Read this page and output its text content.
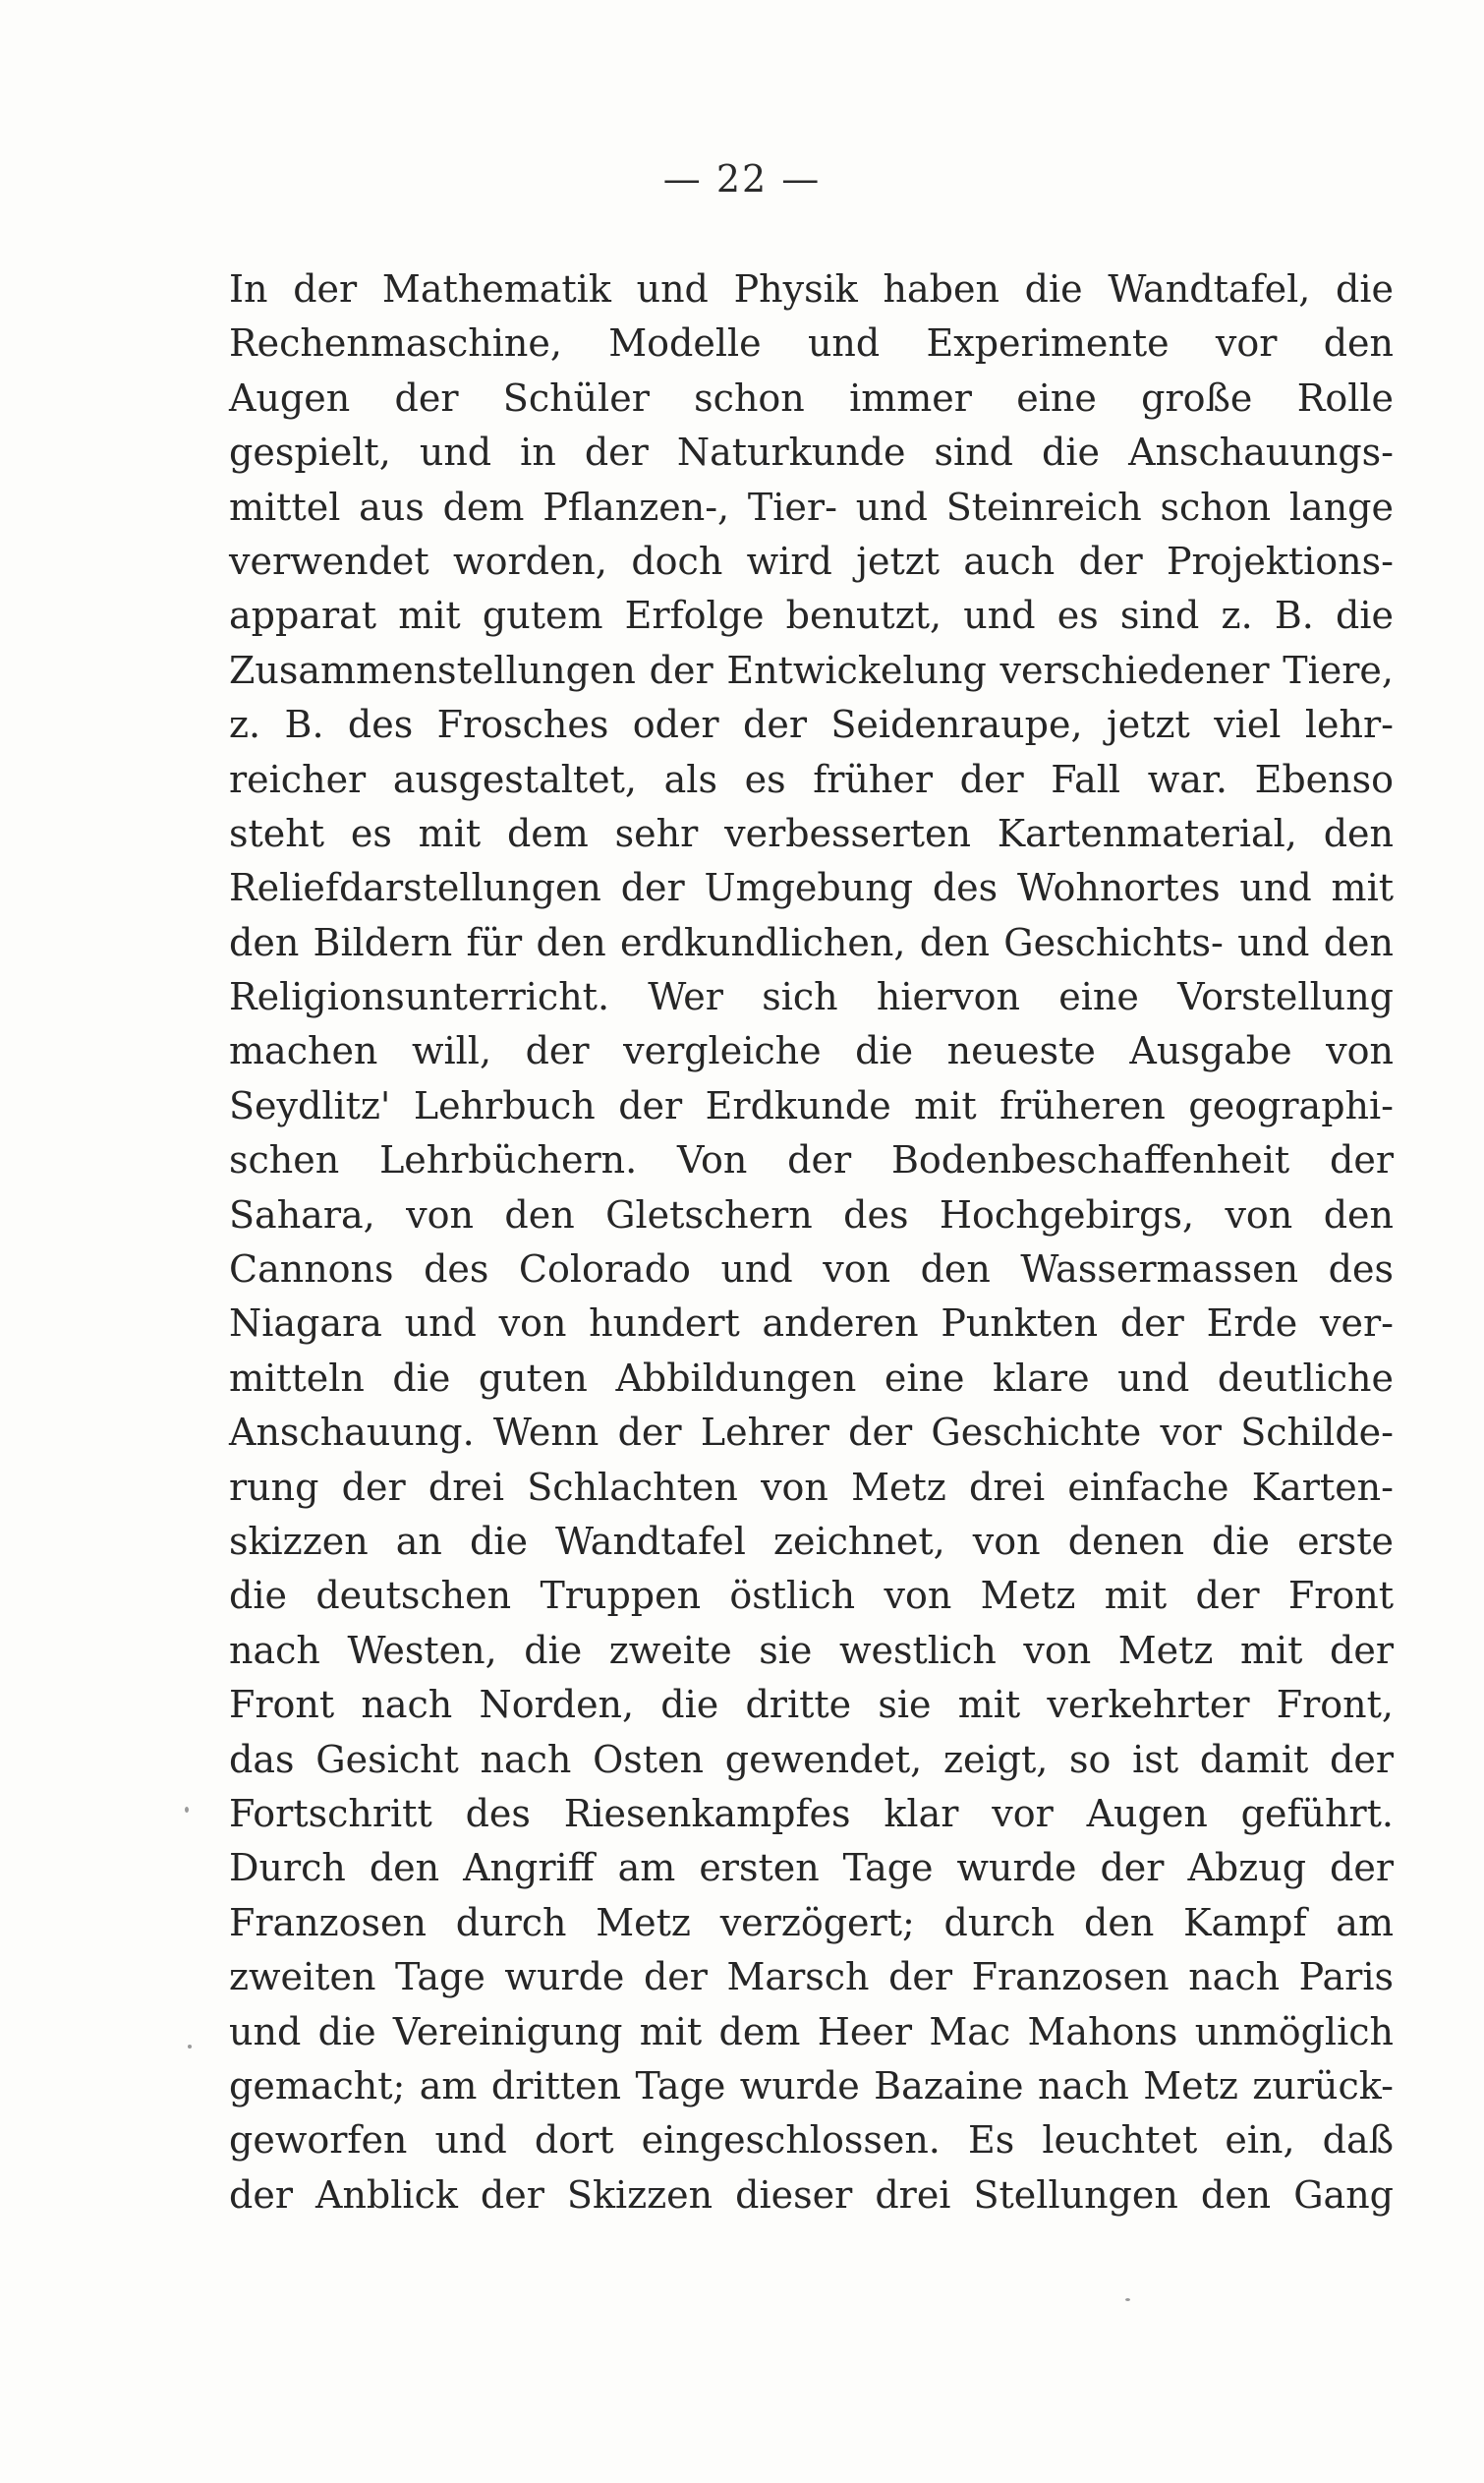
— 22 —
In der Mathematik und Physik haben die Wandtafel, die
Rechenmaschine, Modelle und Experimente vor den
Augen der Schüler schon immer eine große Rolle
gespielt, und in der Naturkunde sind die Anschauungs-
mittel aus dem Pflanzen-, Tier- und Steinreich schon lange
verwendet worden, doch wird jetzt auch der Projektions-
apparat mit gutem Erfolge benutzt, und es sind z. B. die
Zusammenstellungen der Entwickelung verschiedener Tiere,
z. B. des Frosches oder der Seidenraupe, jetzt viel lehr-
reicher ausgestaltet, als es früher der Fall war. Ebenso
steht es mit dem sehr verbesserten Kartenmaterial, den
Reliefdarstellungen der Umgebung des Wohnortes und mit
den Bildern für den erdkundlichen, den Geschichts- und den
Religionsunterricht. Wer sich hiervon eine Vorstellung
machen will, der vergleiche die neueste Ausgabe von
Seydlitz' Lehrbuch der Erdkunde mit früheren geographi-
schen Lehrbüchern. Von der Bodenbeschaffenheit der
Sahara, von den Gletschern des Hochgebirgs, von den
Cannons des Colorado und von den Wassermassen des
Niagara und von hundert anderen Punkten der Erde ver-
mitteln die guten Abbildungen eine klare und deutliche
Anschauung. Wenn der Lehrer der Geschichte vor Schilde-
rung der drei Schlachten von Metz drei einfache Karten-
skizzen an die Wandtafel zeichnet, von denen die erste
die deutschen Truppen östlich von Metz mit der Front
nach Westen, die zweite sie westlich von Metz mit der
Front nach Norden, die dritte sie mit verkehrter Front,
das Gesicht nach Osten gewendet, zeigt, so ist damit der
Fortschritt des Riesenkampfes klar vor Augen geführt.
Durch den Angriff am ersten Tage wurde der Abzug der
Franzosen durch Metz verzögert; durch den Kampf am
zweiten Tage wurde der Marsch der Franzosen nach Paris
und die Vereinigung mit dem Heer Mac Mahons unmöglich
gemacht; am dritten Tage wurde Bazaine nach Metz zurück-
geworfen und dort eingeschlossen. Es leuchtet ein, daß
der Anblick der Skizzen dieser drei Stellungen den Gang
